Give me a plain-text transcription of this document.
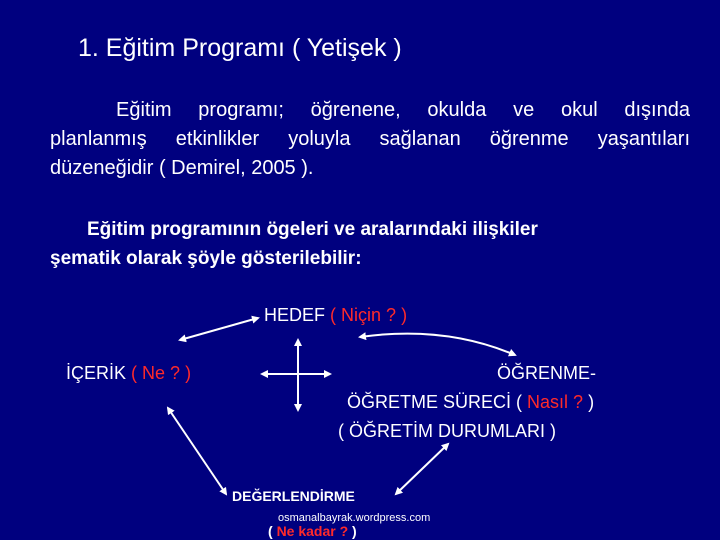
1. Eğitim Programı ( Yetişek )
Eğitim programı; öğrenene, okulda ve okul dışında
planlanmış etkinlikler yoluyla sağlanan öğrenme yaşantıları
düzeneğidir ( Demirel, 2005 ).
Eğitim programının ögeleri ve aralarındaki ilişkiler
şematik olarak şöyle gösterilebilir:
HEDEF ( Niçin ? )
İÇERİK ( Ne ? )	ÖĞRENME-
ÖĞRETME SÜRECİ ( Nasıl ? )
( ÖĞRETİM DURUMLARI )
DEĞERLENDİRME
osmanalbayrak.wordpress.com
( Ne kadar ? )
